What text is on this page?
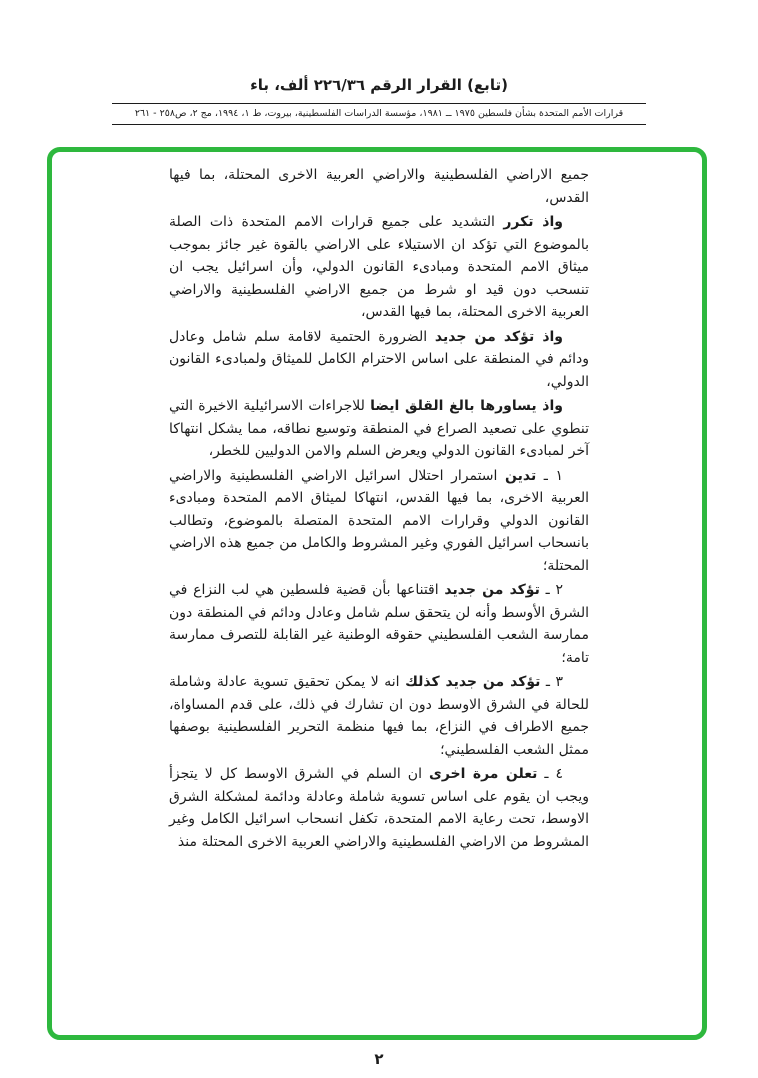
(تابع) القرار الرقم ٢٢٦/٣٦ ألف، باء
قرارات الأمم المتحدة بشأن فلسطين ١٩٧٥ ــ ١٩٨١، مؤسسة الدراسات الفلسطينية، بيروت، ط ١، ١٩٩٤، مج ٢، ص٢٥٨ - ٢٦١

جميع الاراضي الفلسطينية والاراضي العربية الاخرى المحتلة، بما فيها القدس،

واذ تكرر التشديد على جميع قرارات الامم المتحدة ذات الصلة بالموضوع التي تؤكد ان الاستيلاء على الاراضي بالقوة غير جائز بموجب ميثاق الامم المتحدة ومبادىء القانون الدولي، وأن اسرائيل يجب ان تنسحب دون قيد او شرط من جميع الاراضي الفلسطينية والاراضي العربية الاخرى المحتلة، بما فيها القدس،

واذ تؤكد من جديد الضرورة الحتمية لاقامة سلم شامل وعادل ودائم في المنطقة على اساس الاحترام الكامل للميثاق ولمبادىء القانون الدولي،

واذ يساورها بالغ القلق ايضا للاجراءات الاسرائيلية الاخيرة التي تنطوي على تصعيد الصراع في المنطقة وتوسيع نطاقه، مما يشكل انتهاكا آخر لمبادىء القانون الدولي ويعرض السلم والامن الدوليين للخطر،

١ ـ تدين استمرار احتلال اسرائيل الاراضي الفلسطينية والاراضي العربية الاخرى، بما فيها القدس، انتهاكا لميثاق الامم المتحدة ومبادىء القانون الدولي وقرارات الامم المتحدة المتصلة بالموضوع، وتطالب بانسحاب اسرائيل الفوري وغير المشروط والكامل من جميع هذه الاراضي المحتلة؛

٢ ـ تؤكد من جديد اقتناعها بأن قضية فلسطين هي لب النزاع في الشرق الأوسط وأنه لن يتحقق سلم شامل وعادل ودائم في المنطقة دون ممارسة الشعب الفلسطيني حقوقه الوطنية غير القابلة للتصرف ممارسة تامة؛

٣ ـ تؤكد من جديد كذلك انه لا يمكن تحقيق تسوية عادلة وشاملة للحالة في الشرق الاوسط دون ان تشارك في ذلك، على قدم المساواة، جميع الاطراف في النزاع، بما فيها منظمة التحرير الفلسطينية بوصفها ممثل الشعب الفلسطيني؛

٤ ـ تعلن مرة اخرى ان السلم في الشرق الاوسط كل لا يتجزأ ويجب ان يقوم على اساس تسوية شاملة وعادلة ودائمة لمشكلة الشرق الاوسط، تحت رعاية الامم المتحدة، تكفل انسحاب اسرائيل الكامل وغير المشروط من الاراضي الفلسطينية والاراضي العربية الاخرى المحتلة منذ

٢
